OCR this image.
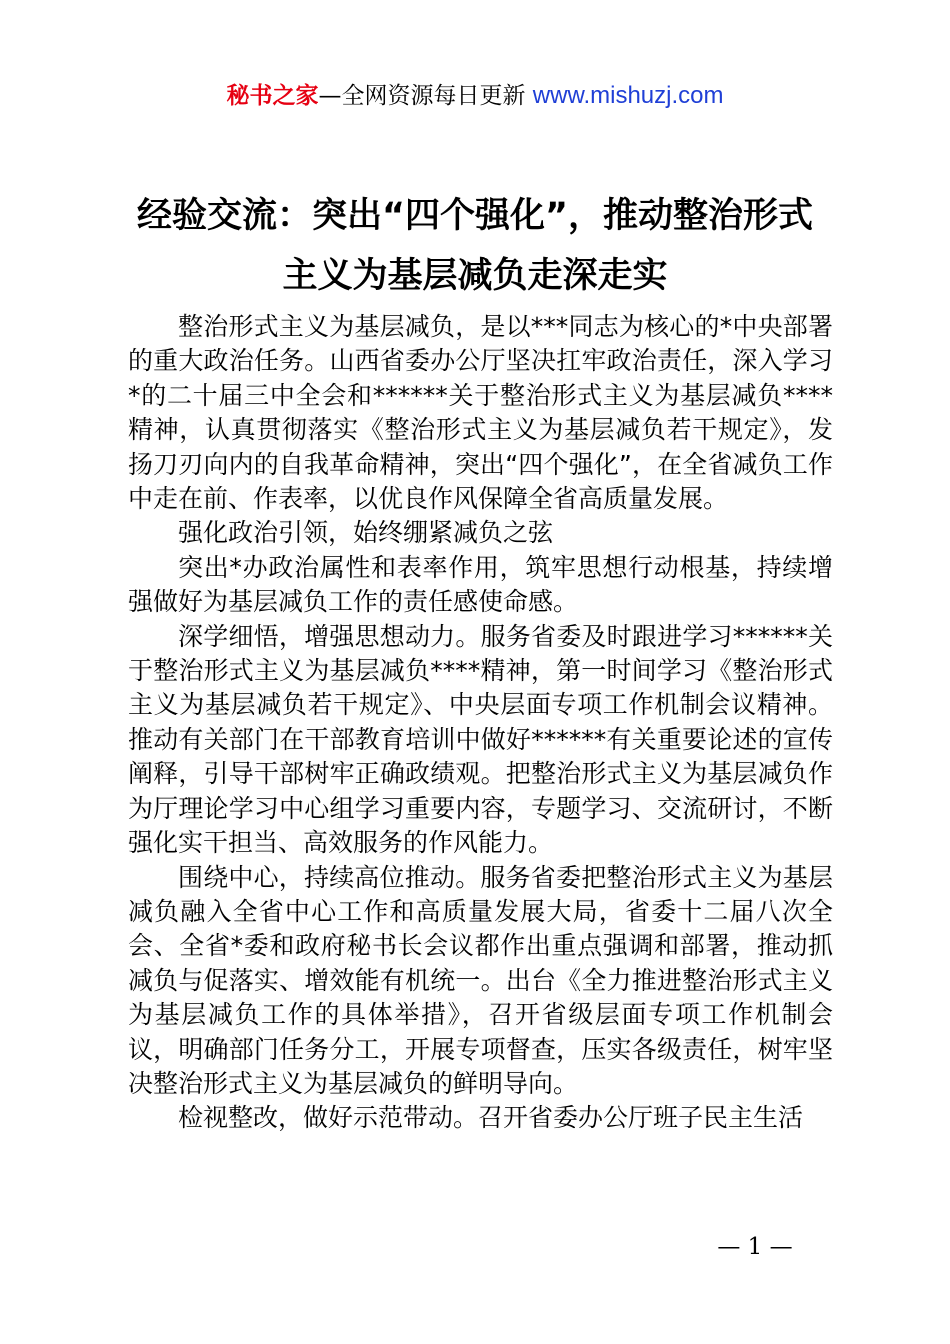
秘书之家—全网资源每日更新 www.mishuzj.com
经验交流：突出“四个强化”，推动整治形式主义为基层减负走深走实

整治形式主义为基层减负，是以***同志为核心的*中央部署的重大政治任务。山西省委办公厅坚决扛牢政治责任，深入学习*的二十届三中全会和******关于整治形式主义为基层减负****精神，认真贯彻落实《整治形式主义为基层减负若干规定》，发扬刀刃向内的自我革命精神，突出“四个强化”，在全省减负工作中走在前、作表率，以优良作风保障全省高质量发展。

强化政治引领，始终绷紧减负之弦

突出*办政治属性和表率作用，筑牢思想行动根基，持续增强做好为基层减负工作的责任感使命感。

深学细悟，增强思想动力。服务省委及时跟进学习******关于整治形式主义为基层减负****精神，第一时间学习《整治形式主义为基层减负若干规定》、中央层面专项工作机制会议精神。推动有关部门在干部教育培训中做好******有关重要论述的宣传阐释，引导干部树牢正确政绩观。把整治形式主义为基层减负作为厅理论学习中心组学习重要内容，专题学习、交流研讨，不断强化实干担当、高效服务的作风能力。

围绕中心，持续高位推动。服务省委把整治形式主义为基层减负融入全省中心工作和高质量发展大局，省委十二届八次全会、全省*委和政府秘书长会议都作出重点强调和部署，推动抓减负与促落实、增效能有机统一。出台《全力推进整治形式主义为基层减负工作的具体举措》，召开省级层面专项工作机制会议，明确部门任务分工，开展专项督查，压实各级责任，树牢坚决整治形式主义为基层减负的鲜明导向。

检视整改，做好示范带动。召开省委办公厅班子民主生活

— 1 —
